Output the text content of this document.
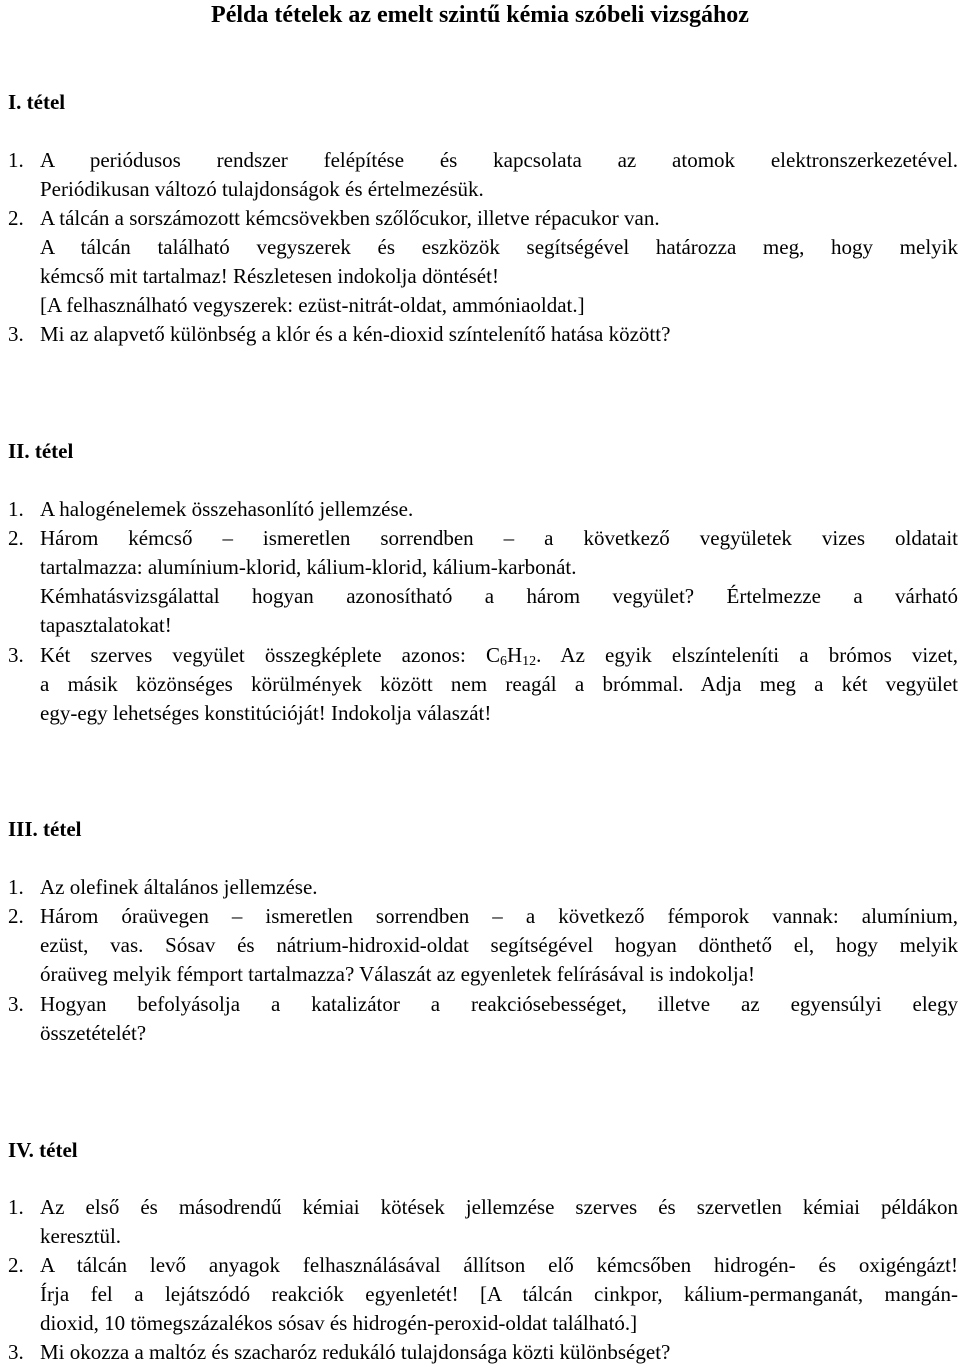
Példa tételek az emelt szintű kémia szóbeli vizsgához
I. tétel
1. A periódusos rendszer felépítése és kapcsolata az atomok elektronszerkezetével.
Periódikusan változó tulajdonságok és értelmezésük.
2. A tálcán a sorszámozott kémcsövekben szőlőcukor, illetve répacukor van.
A tálcán található vegyszerek és eszközök segítségével határozza meg, hogy melyik
kémcső mit tartalmaz! Részletesen indokolja döntését!
[A felhasználható vegyszerek: ezüst-nitrát-oldat, ammóniaoldat.]
3. Mi az alapvető különbség a klór és a kén-dioxid színtelenítő hatása között?
II. tétel
1. A halogénelemek összehasonlító jellemzése.
2. Három kémcső – ismeretlen sorrendben – a következő vegyületek vizes oldatait
tartalmazza: alumínium-klorid, kálium-klorid, kálium-karbonát.
Kémhatásvizsgálattal hogyan azonosítható a három vegyület? Értelmezze a várható
tapasztalatokat!
3. Két szerves vegyület összegképlete azonos: $C_6H_{12}$. Az egyik elszínteleníti a brómos vizet,
a másik közönséges körülmények között nem reagál a brómmal. Adja meg a két vegyület
egy-egy lehetséges konstitúcióját! Indokolja válaszát!
III. tétel
1. Az olefinek általános jellemzése.
2. Három óraüvegen – ismeretlen sorrendben – a következő fémporok vannak: alumínium,
ezüst, vas. Sósav és nátrium-hidroxid-oldat segítségével hogyan dönthető el, hogy melyik
óraüveg melyik fémport tartalmazza? Válaszát az egyenletek felírásával is indokolja!
3. Hogyan befolyásolja a katalizátor a reakciósebességet, illetve az egyensúlyi elegy
összetételét?
IV. tétel
1. Az első és másodrendű kémiai kötések jellemzése szerves és szervetlen kémiai példákon
keresztül.
2. A tálcán levő anyagok felhasználásával állítson elő kémcsőben hidrogén- és oxigéngázt!
Írja fel a lejátszódó reakciók egyenletét! [A tálcán cinkpor, kálium-permanganát, mangán-
dioxid, 10 tömegszázalékos sósav és hidrogén-peroxid-oldat található.]
3. Mi okozza a maltóz és szacharóz redukáló tulajdonsága közti különbséget?
